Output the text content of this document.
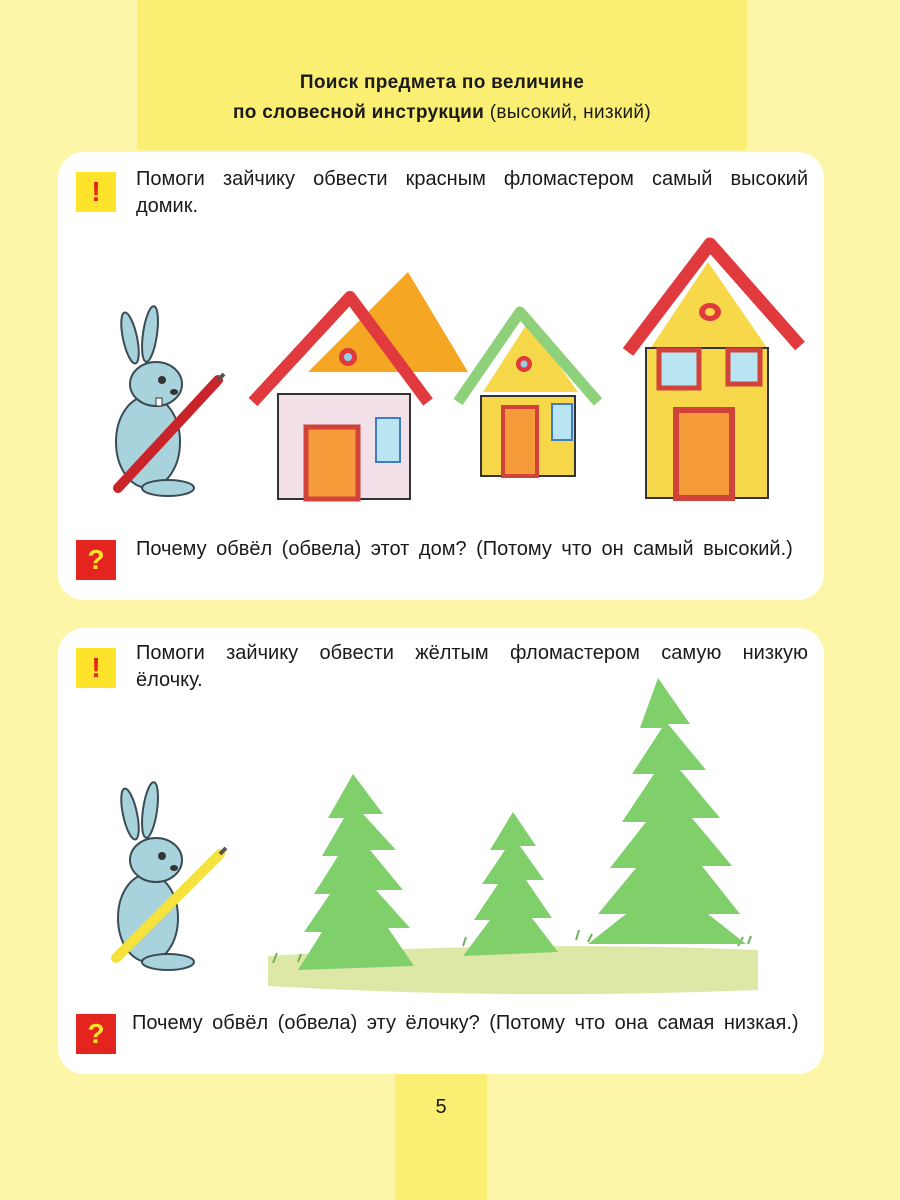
Поиск предмета по величине
по словесной инструкции (высокий, низкий)
!	Помоги зайчику обвести красным фломастером самый высокий домик.
?	Почему обвёл (обвела) этот дом? (Потому что он самый высокий.)
!	Помоги зайчику обвести жёлтым фломастером самую низкую ёлочку.
?	Почему обвёл (обвела) эту ёлочку? (Потому что она самая низкая.)
5
